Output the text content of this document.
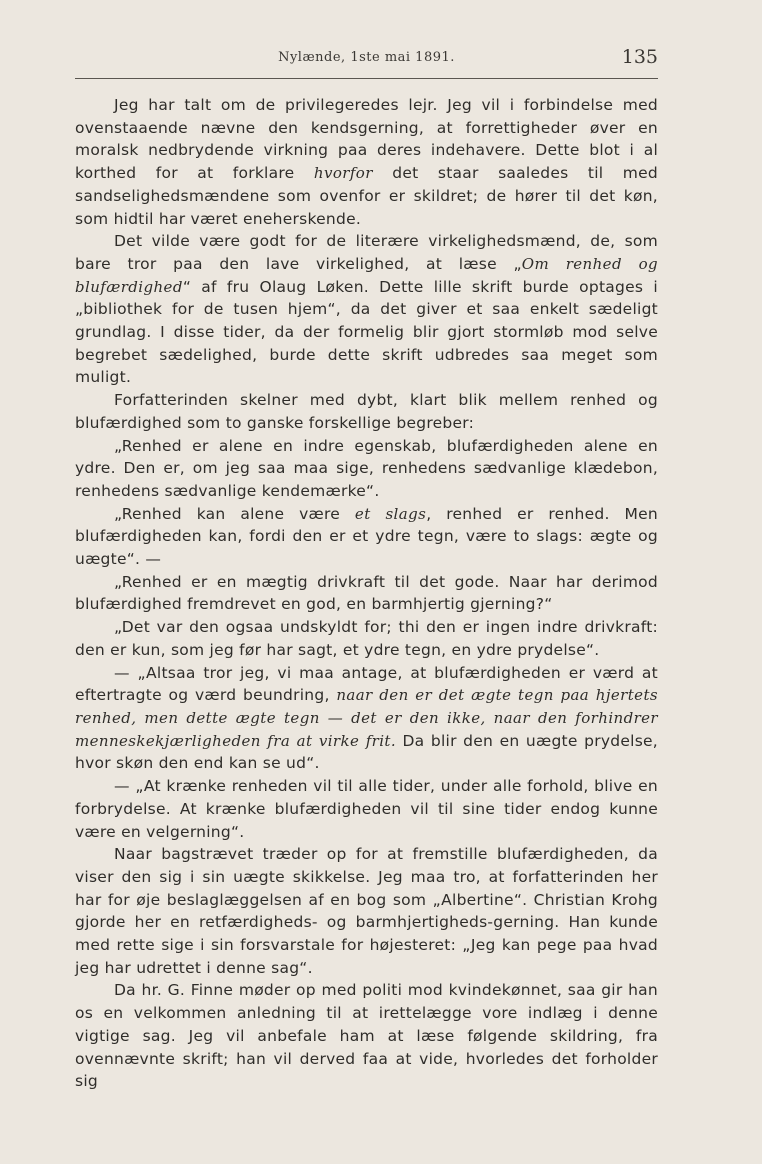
Nylænde, 1ste mai 1891.	135

Jeg har talt om de privilegeredes lejr. Jeg vil i forbindelse med ovenstaaende nævne den kendsgerning, at forrettigheder øver en moralsk nedbrydende virkning paa deres indehavere. Dette blot i al korthed for at forklare hvorfor det staar saaledes til med sandselighedsmændene som ovenfor er skildret; de hører til det køn, som hidtil har været eneherskende.

Det vilde være godt for de literære virkelighedsmænd, de, som bare tror paa den lave virkelighed, at læse „Om renhed og blufærdighed“ af fru Olaug Løken. Dette lille skrift burde optages i „bibliothek for de tusen hjem“, da det giver et saa enkelt sædeligt grundlag. I disse tider, da der formelig blir gjort stormløb mod selve begrebet sædelighed, burde dette skrift udbredes saa meget som muligt.

Forfatterinden skelner med dybt, klart blik mellem renhed og blufærdighed som to ganske forskellige begreber:

„Renhed er alene en indre egenskab, blufærdigheden alene en ydre. Den er, om jeg saa maa sige, renhedens sædvanlige klædebon, renhedens sædvanlige kendemærke“.

„Renhed kan alene være et slags, renhed er renhed. Men blufærdigheden kan, fordi den er et ydre tegn, være to slags: ægte og uægte“. —

„Renhed er en mægtig drivkraft til det gode. Naar har derimod blufærdighed fremdrevet en god, en barmhjertig gjerning?“

„Det var den ogsaa undskyldt for; thi den er ingen indre drivkraft: den er kun, som jeg før har sagt, et ydre tegn, en ydre prydelse“.

— „Altsaa tror jeg, vi maa antage, at blufærdigheden er værd at eftertragte og værd beundring, naar den er det ægte tegn paa hjertets renhed, men dette ægte tegn — det er den ikke, naar den forhindrer menneskekjærligheden fra at virke frit. Da blir den en uægte prydelse, hvor skøn den end kan se ud“.

— „At krænke renheden vil til alle tider, under alle forhold, blive en forbrydelse. At krænke blufærdigheden vil til sine tider endog kunne være en velgerning“.

Naar bagstrævet træder op for at fremstille blufærdigheden, da viser den sig i sin uægte skikkelse. Jeg maa tro, at forfatterinden her har for øje beslaglæggelsen af en bog som „Albertine“. Christian Krohg gjorde her en retfærdigheds- og barmhjertigheds-gerning. Han kunde med rette sige i sin forsvarstale for højesteret: „Jeg kan pege paa hvad jeg har udrettet i denne sag“.

Da hr. G. Finne møder op med politi mod kvindekønnet, saa gir han os en velkommen anledning til at irettelægge vore indlæg i denne vigtige sag. Jeg vil anbefale ham at læse følgende skildring, fra ovennævnte skrift; han vil derved faa at vide, hvorledes det forholder sig
